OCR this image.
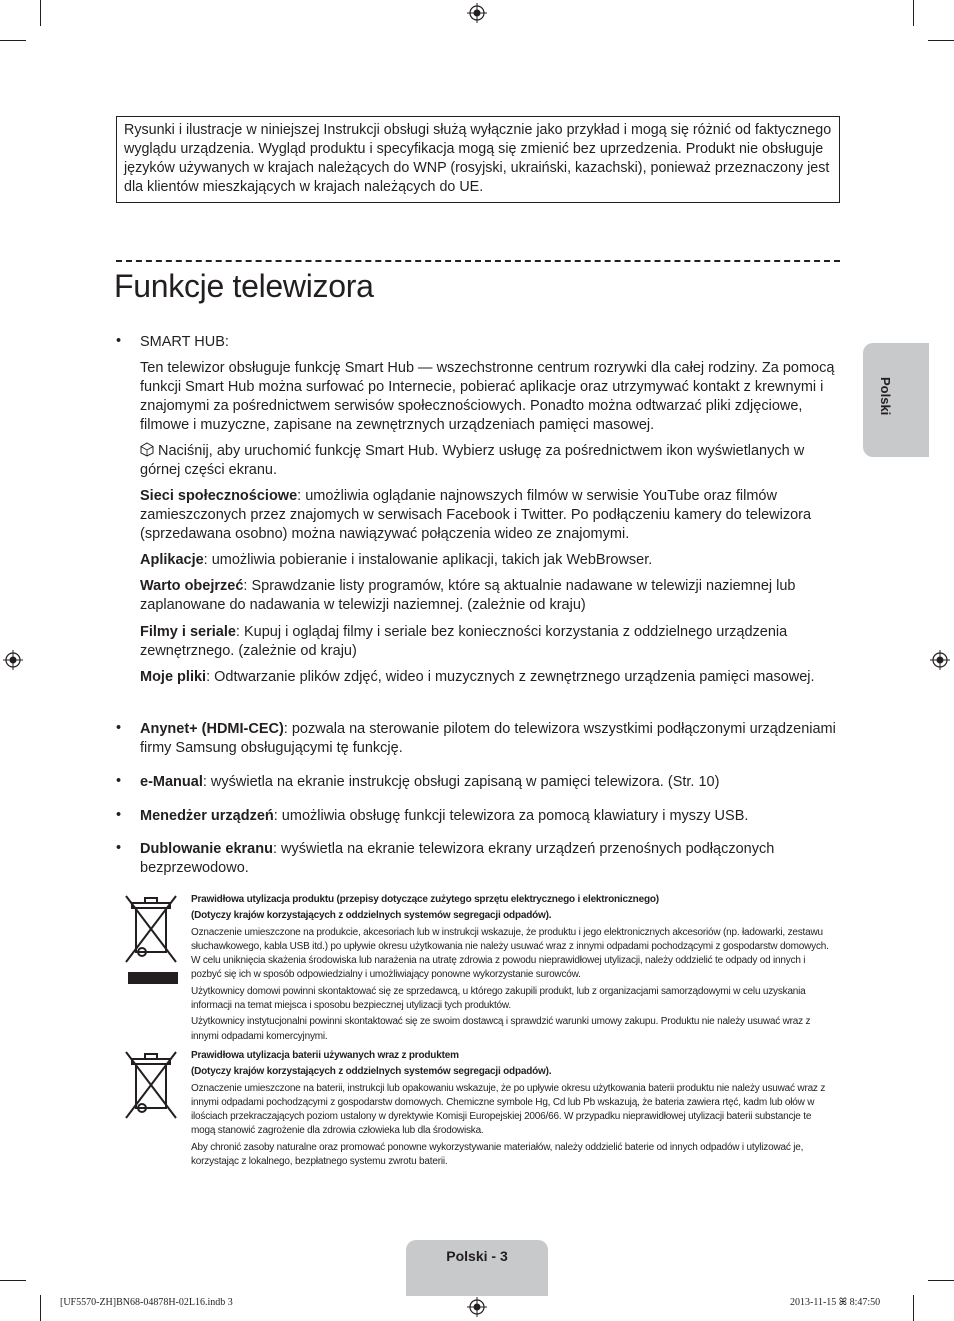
Rysunki i ilustracje w niniejszej Instrukcji obsługi służą wyłącznie jako przykład i mogą się różnić od faktycznego wyglądu urządzenia. Wygląd produktu i specyfikacja mogą się zmienić bez uprzedzenia. Produkt nie obsługuje języków używanych w krajach należących do WNP (rosyjski, ukraiński, kazachski), ponieważ przeznaczony jest dla klientów mieszkających w krajach należących do UE.
Funkcje telewizora
Polski
• SMART HUB:
Ten telewizor obsługuje funkcję Smart Hub — wszechstronne centrum rozrywki dla całej rodziny. Za pomocą funkcji Smart Hub można surfować po Internecie, pobierać aplikacje oraz utrzymywać kontakt z krewnymi i znajomymi za pośrednictwem serwisów społecznościowych. Ponadto można odtwarzać pliki zdjęciowe, filmowe i muzyczne, zapisane na zewnętrznych urządzeniach pamięci masowej.
Naciśnij, aby uruchomić funkcję Smart Hub. Wybierz usługę za pośrednictwem ikon wyświetlanych w górnej części ekranu.
Sieci społecznościowe: umożliwia oglądanie najnowszych filmów w serwisie YouTube oraz filmów zamieszczonych przez znajomych w serwisach Facebook i Twitter. Po podłączeniu kamery do telewizora (sprzedawana osobno) można nawiązywać połączenia wideo ze znajomymi.
Aplikacje: umożliwia pobieranie i instalowanie aplikacji, takich jak WebBrowser.
Warto obejrzeć: Sprawdzanie listy programów, które są aktualnie nadawane w telewizji naziemnej lub zaplanowane do nadawania w telewizji naziemnej. (zależnie od kraju)
Filmy i seriale: Kupuj i oglądaj filmy i seriale bez konieczności korzystania z oddzielnego urządzenia zewnętrznego. (zależnie od kraju)
Moje pliki: Odtwarzanie plików zdjęć, wideo i muzycznych z zewnętrznego urządzenia pamięci masowej.
• Anynet+ (HDMI-CEC): pozwala na sterowanie pilotem do telewizora wszystkimi podłączonymi urządzeniami firmy Samsung obsługującymi tę funkcję.
• e-Manual: wyświetla na ekranie instrukcję obsługi zapisaną w pamięci telewizora. (Str. 10)
• Menedżer urządzeń: umożliwia obsługę funkcji telewizora za pomocą klawiatury i myszy USB.
• Dublowanie ekranu: wyświetla na ekranie telewizora ekrany urządzeń przenośnych podłączonych bezprzewodowo.

Prawidłowa utylizacja produktu (przepisy dotyczące zużytego sprzętu elektrycznego i elektronicznego)

(Dotyczy krajów korzystających z oddzielnych systemów segregacji odpadów).

Oznaczenie umieszczone na produkcie, akcesoriach lub w instrukcji wskazuje, że produktu i jego elektronicznych akcesoriów (np. ładowarki, zestawu słuchawkowego, kabla USB itd.) po upływie okresu użytkowania nie należy usuwać wraz z innymi odpadami pochodzącymi z gospodarstw domowych. W celu uniknięcia skażenia środowiska lub narażenia na utratę zdrowia z powodu nieprawidłowej utylizacji, należy oddzielić te odpady od innych i pozbyć się ich w sposób odpowiedzialny i umożliwiający ponowne wykorzystanie surowców.

Użytkownicy domowi powinni skontaktować się ze sprzedawcą, u którego zakupili produkt, lub z organizacjami samorządowymi w celu uzyskania informacji na temat miejsca i sposobu bezpiecznej utylizacji tych produktów.

Użytkownicy instytucjonalni powinni skontaktować się ze swoim dostawcą i sprawdzić warunki umowy zakupu. Produktu nie należy usuwać wraz z innymi odpadami komercyjnymi.

Prawidłowa utylizacja baterii używanych wraz z produktem

(Dotyczy krajów korzystających z oddzielnych systemów segregacji odpadów).

Oznaczenie umieszczone na baterii, instrukcji lub opakowaniu wskazuje, że po upływie okresu użytkowania baterii produktu nie należy usuwać wraz z innymi odpadami pochodzącymi z gospodarstw domowych. Chemiczne symbole Hg, Cd lub Pb wskazują, że bateria zawiera rtęć, kadm lub ołów w ilościach przekraczających poziom ustalony w dyrektywie Komisji Europejskiej 2006/66. W przypadku nieprawidłowej utylizacji baterii substancje te mogą stanowić zagrożenie dla zdrowia człowieka lub dla środowiska.

Aby chronić zasoby naturalne oraz promować ponowne wykorzystywanie materiałów, należy oddzielić baterie od innych odpadów i utylizować je, korzystając z lokalnego, bezpłatnego systemu zwrotu baterii.

Polski - 3
[UF5570-ZH]BN68-04878H-02L16.indb 3	2013-11-15 ꕤ 8:47:50
